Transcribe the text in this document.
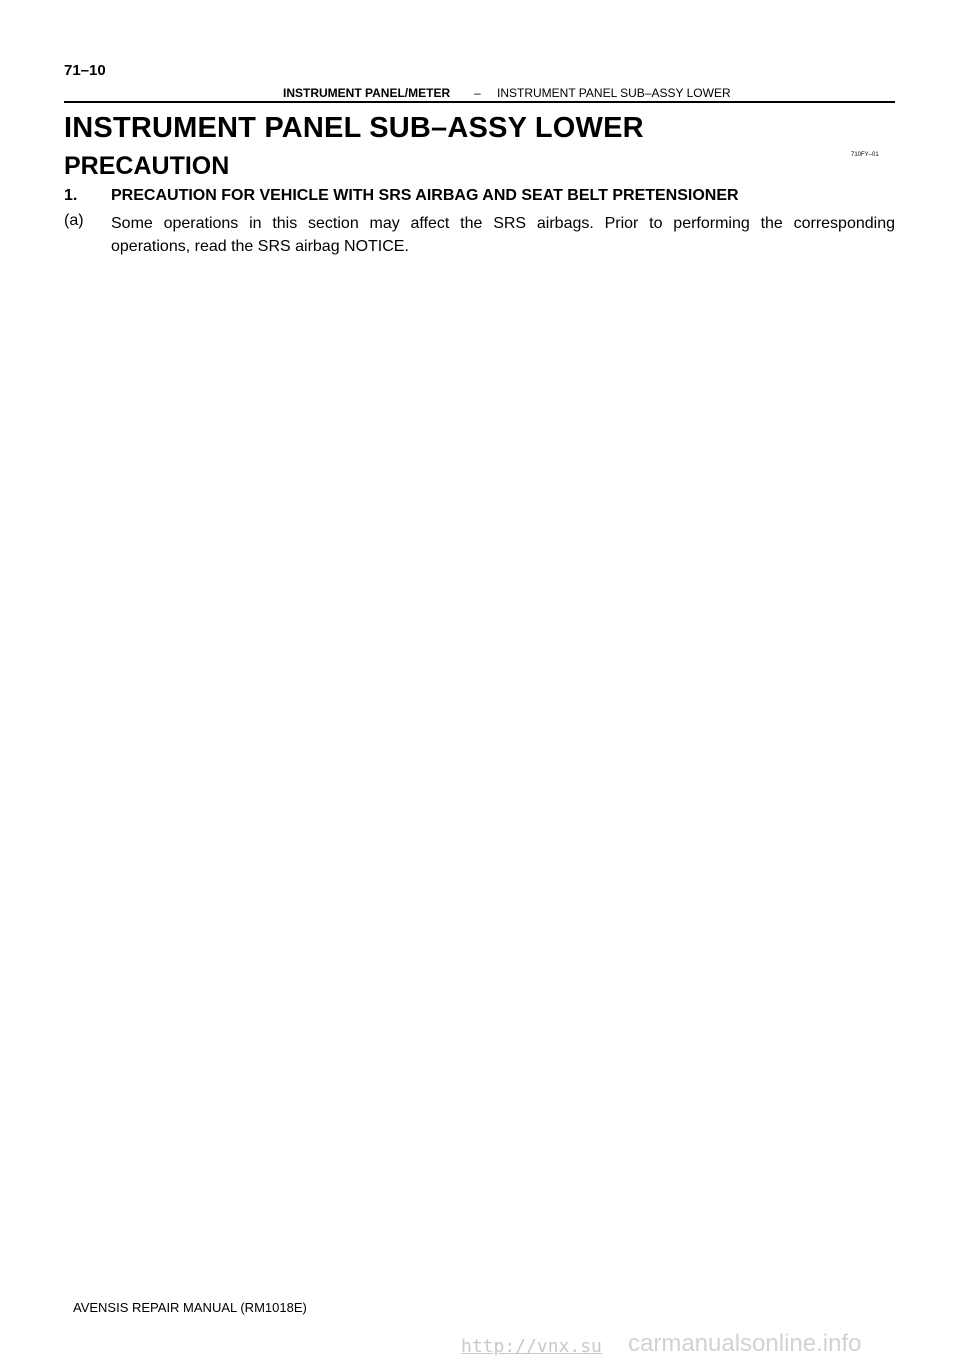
71–10
INSTRUMENT PANEL/METER – INSTRUMENT PANEL SUB–ASSY LOWER
INSTRUMENT PANEL SUB–ASSY LOWER
710FY–01
PRECAUTION
1. PRECAUTION FOR VEHICLE WITH SRS AIRBAG AND SEAT BELT PRETENSIONER
(a) Some operations in this section may affect the SRS airbags. Prior to performing the corresponding
operations, read the SRS airbag NOTICE.
AVENSIS REPAIR MANUAL (RM1018E)
http://vnx.su carmanualsonline.info
